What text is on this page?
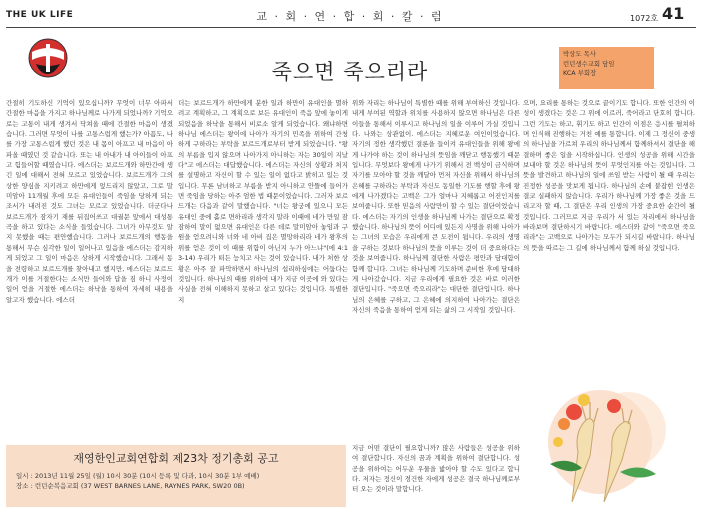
THE UK LIFE	교 · 회 · 연 · 합 · 회 · 칼 · 럼	1072호 41
죽으면 죽으리라
박상도 목사
런던생수교회 담임
KCA 부회장
간절히 기도하신 기억이 있으십니까? 무엇이 너무 아파서 간절한 마음을 가지고 하나님께로 나가게 되었나까? 기억으로는 고통이 내게 생겨서 닥쳐올 때에 간절한 마음이 생겼습니다. 그러면 무엇이 나를 고통스럽게 했는가? 아픔도, 나를 가장 고통스럽게 했던 것은 내 몸이 아프고 내 마음이 아파올 때였던 것 같습니다. 또는 내 아내가 내 아이들이 아프고 힘들어할 때였습니다. 에스더는 보르드개와 하만간에 생긴 일에 대해서 전혀 모르고 있었습니다. 보르드개가 그의 상한 양심을 지키려고 하만에게 엎드리지 않았고, 그로 말미암아 11개월 후에 모든 유대인들이 죽임을 당하게 되는 조서가 내려진 것도 그녀는 모르고 있었습니다. 더군다나 보르드개가 잠자기 재를 뒤집어쓰고 대궐문 앞에서 대성통곡을 하고 있다는 소식을 들었습니다. 그녀가 아무것도 알지 못했을 때는 편안했습니다. 그러나 보르드개의 행동을 통해서 무슨 심각한 일이 일어나고 있음을 에스더는 감지하게 되었고 그 일이 마음은 상하게 시작했습니다. 그래서 동을 전령하고 보르드개를 찾아내고 했지만, 에스더는 보르드개가 이를 거절한다는 소식만 들어와 답을 짐 하니 사정이 일어 얻을 거절한 에스더는 하낙을 통하여 자세히 내용을 알고자 했습니다. 에스더
더는 보르드개가 하만에게 분한 일과 하만이 유대인을 멸하려고 계획하고, 그 계획으로 보든 유대인이 죽음 앞에 놓이게 되었음을 하낙을 통해서 비로소 알게 되었습니다. 왜냐하면 하나님 에스더는 왕이에 나아가 자기의 민족을 위하여 간청하게 구하라는 부탁을 보르드개로부터 받게 되었습니다. "왕의 부름을 입지 않으며 나아가지 아니하는 자는 30일이 지났다"고 에스더는 대답했습니다. 에스더는 자신의 상황과 처지를 설명하고 자신이 할 수 있는 일이 없다고 밝히고 있는 것입니다. 무론 남녀하고 부름을 받지 아니하고 안뜰에 들어가면 죽임을 당하는 아주 엄한 법 때문이었습니다. 그러자 보르드개는 다음과 같이 말했습니다. "너는 왕궁에 있으니 모든 유대인 중에 홀로 면하리라 생각지 말라 이때에 네가 만일 잠잠하여 말이 없으면 유대인은 다른 데로 말미암아 놓임과 구원을 얻으려니와 너와 네 아비 집은 멸망하리라 네가 왕후의 위를 얻은 것이 이 때를 위함이 아닌지 누가 아느냐"(에 4:13-14) 우리가 떠든 능치고 사는 것이 있습니다. 내가 처한 상황은 아주 잘 파악하면서 하나님의 섭리하심에는 어둡다는 것입니다. 하나님의 때를 위하여 내가 지금 이곳에 와 있다는 사실을 전혀 이해하지 못하고 살고 있다는 것입니다. 특별한 지
위와 자리는 하나님이 특별한 때를 위해 부여하신 것입니다. 내게 부여된 역할과 위치를 사용하지 않으면 하나님은 다른 이들을 통해서 이루시고 하나님의 일을 이루어 가실 것입니다. 나와는 상관없이. 에스더는 지혜로운 여인이었습니다. 자기의 정한 생각했던 결론을 들이켜 유대인들을 위해 왕에게 나가야 하는 것이 하나님의 뜻임을 깨닫고 행동했기 때문입니다. 무엇보다 왕에게 나가기 위해서 전 백성이 금식하며 자기를 모아야 할 것을 깨달아 먼저 자신을 위해서 하나님의 은혜를 구하라는 부탁과 자신도 동일한 기도를 행할 후에 왕에게 나가겠다는 고백은 그가 얼마나 지혜롭고 어진인지를 보여줍니다. 또한 믿음의 사람만이 할 수 있는 결단이었습니다. 에스더는 자기의 인생을 하나님께 나가는 결단으로 확정했습니다. 하나님의 뜻이 어디에 있든지 사명을 위해 나아가는 그녀의 모습은 우리에게 큰 도전이 됩니다. 우리의 생명을 구하는 것보다 하나님의 뜻을 이루는 것이 더 중요하다는 것을 보여줍니다. 하나님께 결단한 사람은 평안과 담대함이 함께 합니다. 그녀는 하나님께 기도하며 준비한 후에 담대하게 나아갔습니다. 지금 우리에게 필요한 것은 바로 이러한 결단입니다. "죽으면 죽으리라"는 대단한 결단입니다. 하나님의 은혜를 구하고, 그 은혜에 의지하여 나아가는 결단은 자신의 죽음을 통하여 얻게 되는 삶의 그 시작일 것입니다.
지금 어떤 결단이 필요합니까? 많은 사람들은 성공을 위하여 결단합니다. 자신의 꿈과 계획을 위하여 결단합니다. 성공을 위하여는 어두운 우물을 밟아야 할 수도 있다고 합니다. 저자는 정신이 경건한 자에게 성공은 결국 하나님께로부터 오는 것이라 말합니다.
으며, 요리를 통하는 것으로 끝이기도 합니다. 또한 인간의 이성이 생겼다는 것은 그 위에 이르러, 죽어라고 단호히 합니다. 그런 기도는 하고, 휘기도 하고 인간이 이점은 응시를 펼쳐하며 인식해 진행하는 거친 예를 통합니다. 이제 그 정신이 중생의 하나님을 가르쳐 우리의 하나님께서 함께하셔서 결단을 해결하며 좋은 일을 시작하십니다. 인생의 성공을 위해 시간을 보내야 할 것은 하나님의 뜻이 무엇인지를 아는 것입니다. 그 뜻을 발견하고 하나님의 일에 쓰임 받는 사람이 될 때 우리는 진정한 성공을 맛보게 됩니다. 하나님의 손에 붙잡힌 인생은 결코 실패하지 않습니다. 우리가 하나님께 가장 좋은 것을 드리고자 할 때, 그 결단은 우리 인생의 가장 중요한 순간이 될 것입니다. 그러므로 지금 우리가 서 있는 자리에서 하나님을 바라보며 결단하시기 바랍니다. 에스더와 같이 "죽으면 죽으리라"는 고백으로 나아가는 모두가 되시길 바랍니다. 하나님의 뜻을 따르는 그 길에 하나님께서 함께 하실 것입니다.
재영한인교회연합회 제23차 정기총회 공고
일시 : 2013년 11월 25일 (월) 10시 30분 (10시 등록 및 다과, 10시 30분 1부 예배)
장소 : 런던순복음교회 (37 WEST BARNES LANE, RAYNES PARK, SW20 0B)
